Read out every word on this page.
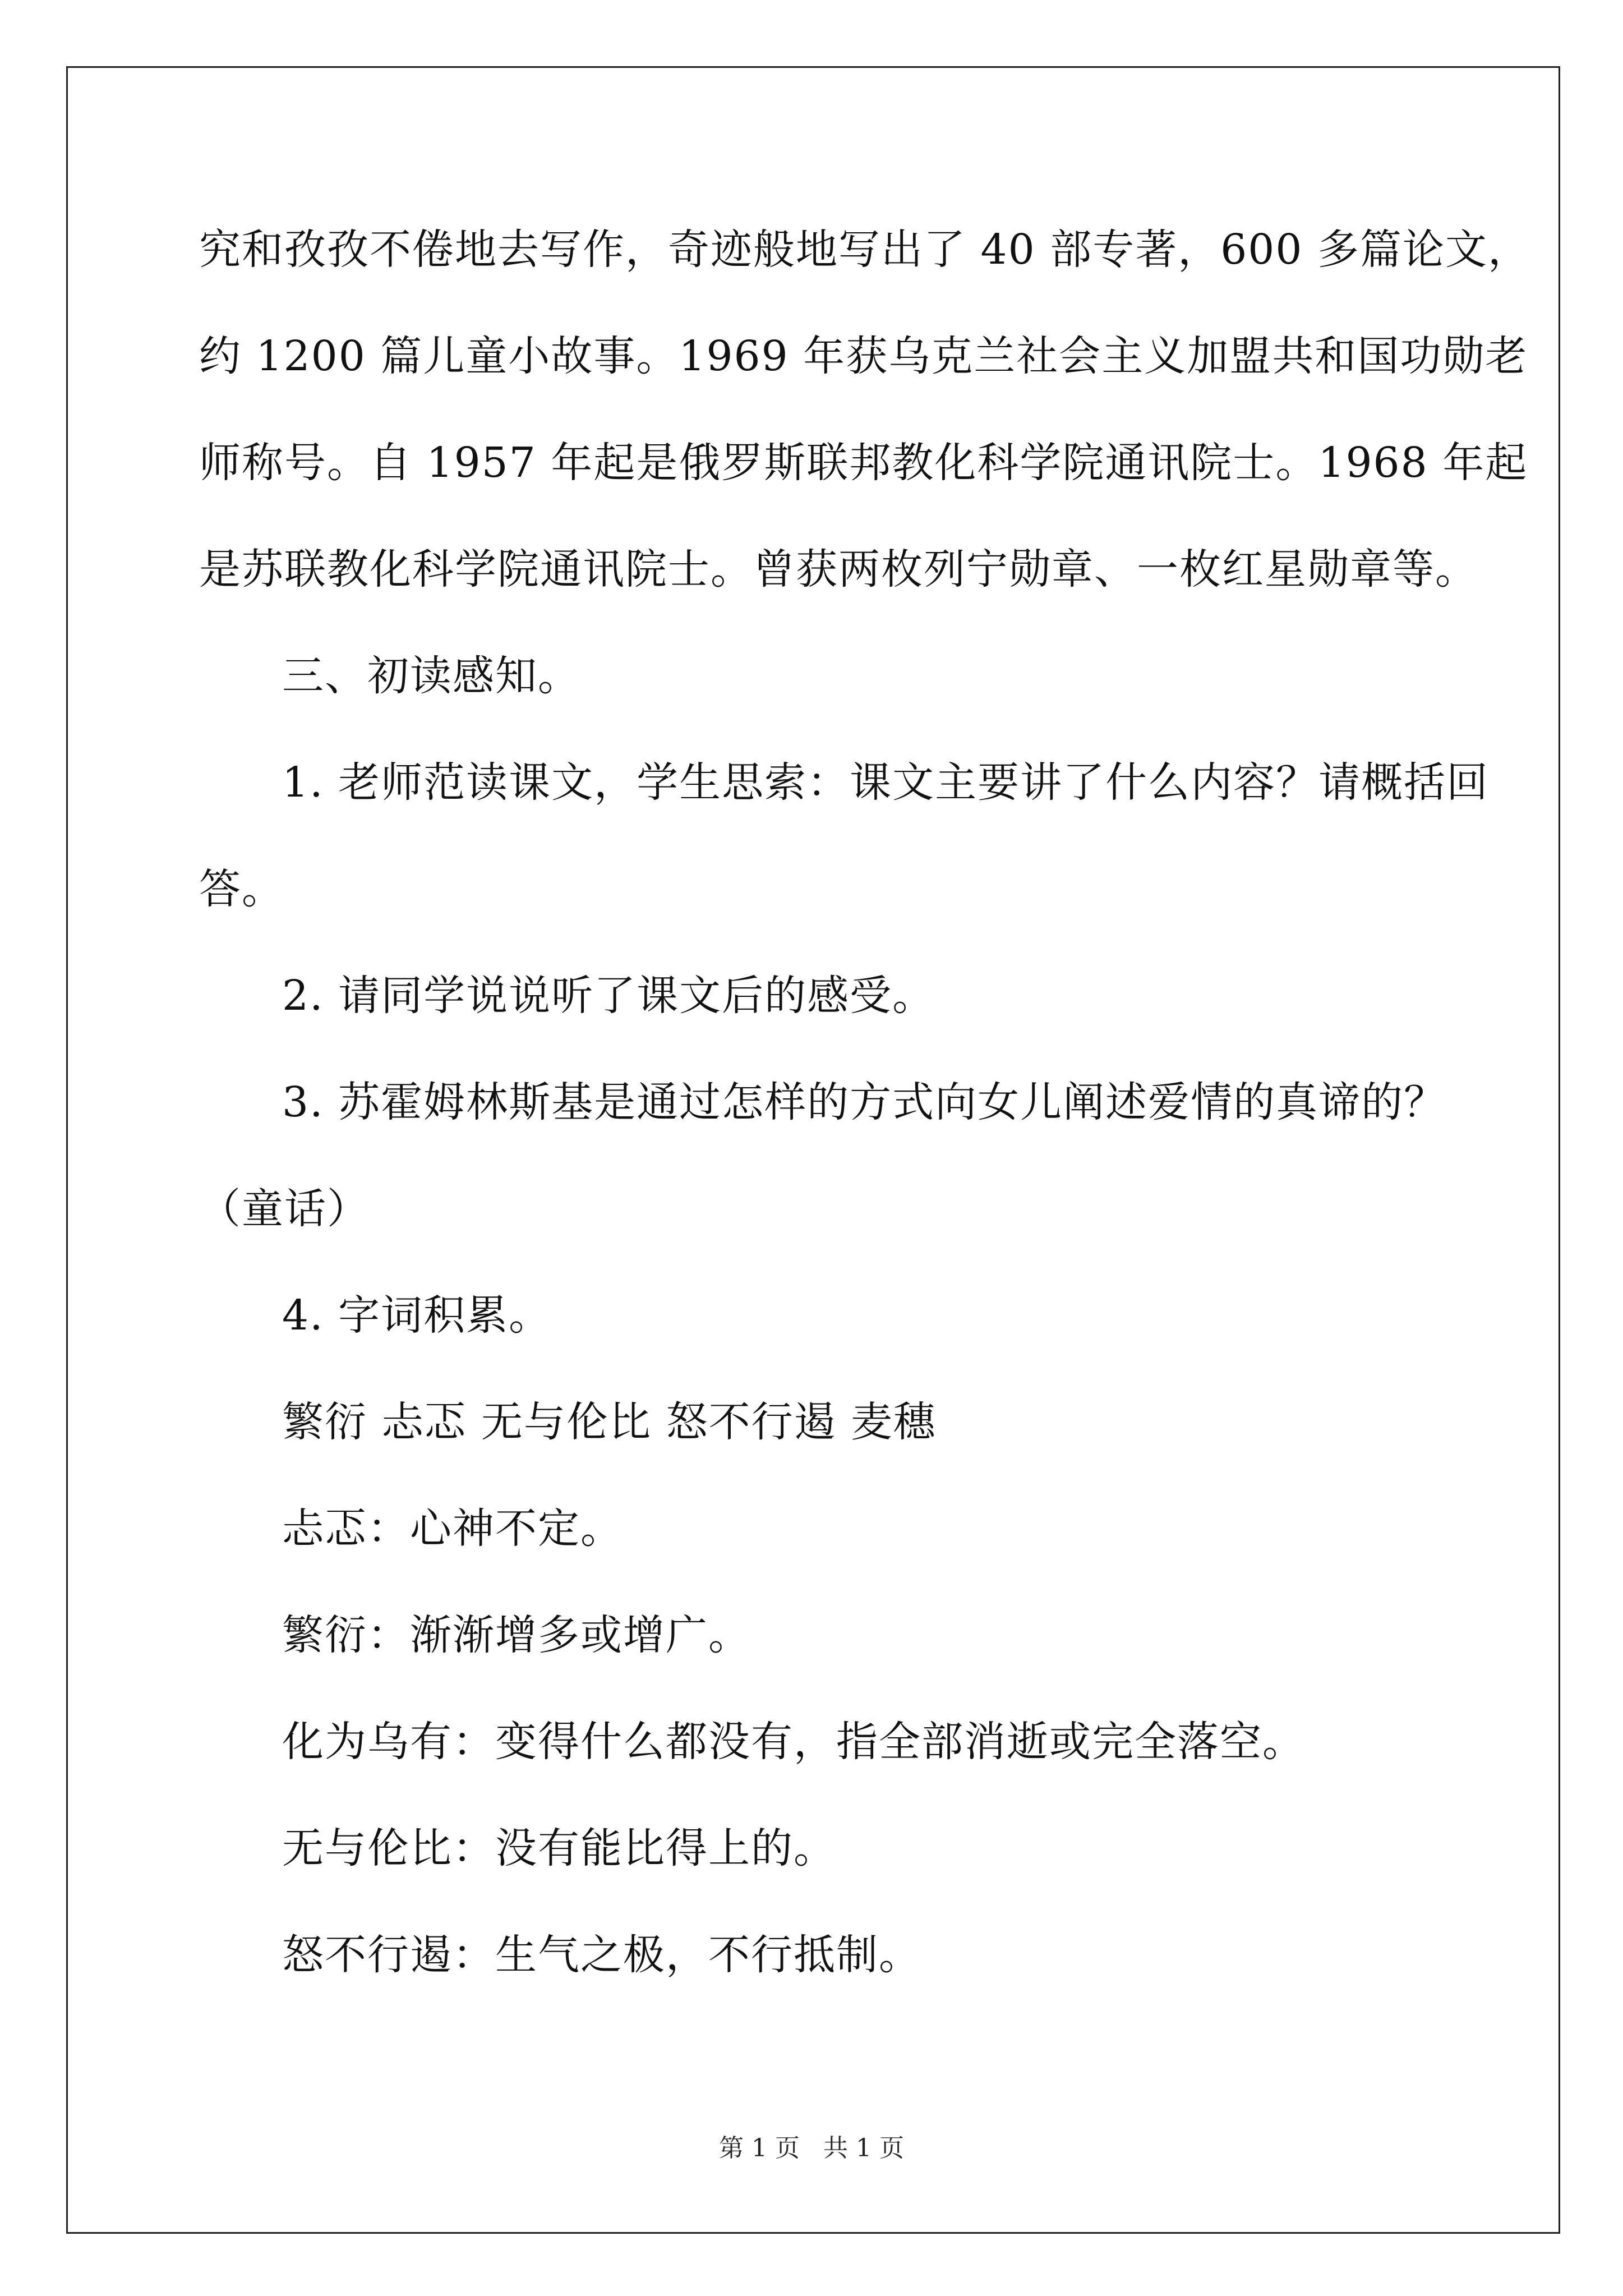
究和孜孜不倦地去写作，奇迹般地写出了 40 部专著，600 多篇论文，
约 1200 篇儿童小故事。1969 年获乌克兰社会主义加盟共和国功勋老
师称号。自 1957 年起是俄罗斯联邦教化科学院通讯院士。1968 年起
是苏联教化科学院通讯院士。曾获两枚列宁勋章、一枚红星勋章等。
三、初读感知。
1. 老师范读课文，学生思索：课文主要讲了什么内容？请概括回
答。
2. 请同学说说听了课文后的感受。
3. 苏霍姆林斯基是通过怎样的方式向女儿阐述爱情的真谛的？
（童话）
4. 字词积累。
繁衍 忐忑 无与伦比 怒不行遏 麦穗
忐忑：心神不定。
繁衍：渐渐增多或增广。
化为乌有：变得什么都没有，指全部消逝或完全落空。
无与伦比：没有能比得上的。
怒不行遏：生气之极，不行抵制。
第 1 页   共 1 页
